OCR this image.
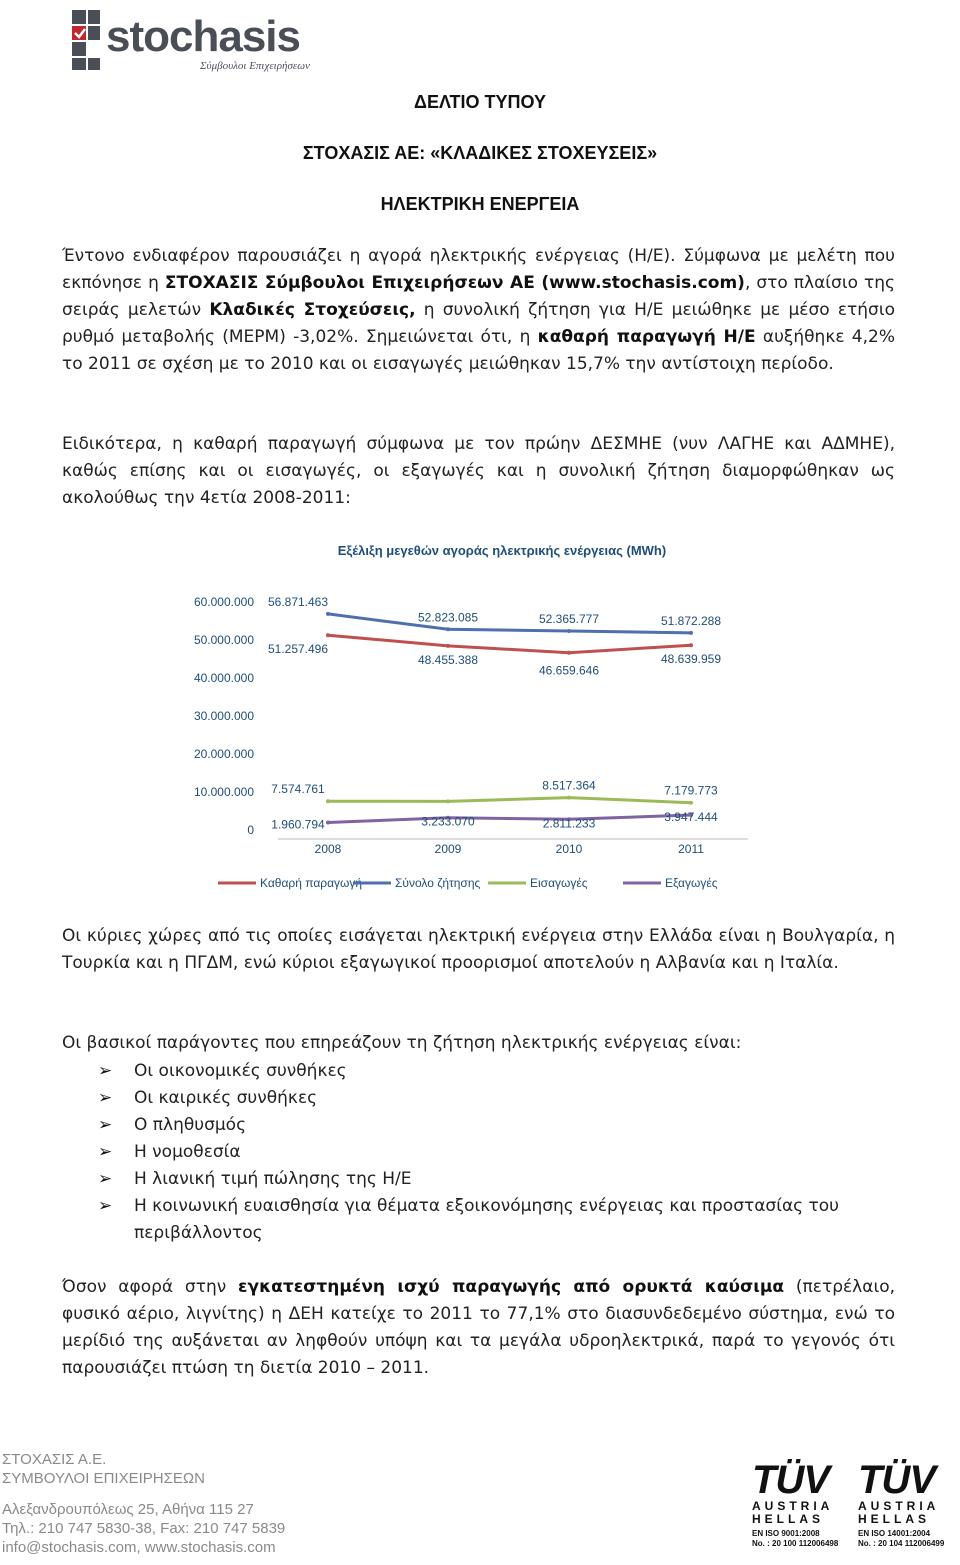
stochasis
Σύμβουλοι Επιχειρήσεων
ΔΕΛΤΙΟ ΤΥΠΟΥ
ΣΤΟΧΑΣΙΣ ΑΕ: «ΚΛΑΔΙΚΕΣ ΣΤΟΧΕΥΣΕΙΣ»
ΗΛΕΚΤΡΙΚΗ ΕΝΕΡΓΕΙΑ

Έντονο ενδιαφέρον παρουσιάζει η αγορά ηλεκτρικής ενέργειας (Η/Ε). Σύμφωνα με μελέτη που εκπόνησε η ΣΤΟΧΑΣΙΣ Σύμβουλοι Επιχειρήσεων ΑΕ (www.stochasis.com), στο πλαίσιο της σειράς μελετών Κλαδικές Στοχεύσεις, η συνολική ζήτηση για Η/Ε μειώθηκε με μέσο ετήσιο ρυθμό μεταβολής (ΜΕΡΜ) -3,02%. Σημειώνεται ότι, η καθαρή παραγωγή Η/Ε αυξήθηκε 4,2% το 2011 σε σχέση με το 2010 και οι εισαγωγές μειώθηκαν 15,7% την αντίστοιχη περίοδο.

Ειδικότερα, η καθαρή παραγωγή σύμφωνα με τον πρώην ΔΕΣΜΗΕ (νυν ΛΑΓΗΕ και ΑΔΜΗΕ), καθώς επίσης και οι εισαγωγές, οι εξαγωγές και η συνολική ζήτηση διαμορφώθηκαν ως ακολούθως την 4ετία 2008-2011:

Εξέλιξη μεγεθών αγοράς ηλεκτρικής ενέργειας (MWh)
0
10.000.000
20.000.000
30.000.000
40.000.000
50.000.000
60.000.000
2008	2009	2010	2011
51.257.496
48.455.388
46.659.646
48.639.959
56.871.463
52.823.085	52.365.777	51.872.288
7.574.761	8.517.364	7.179.773
1.960.794	3.233.070	2.811.233	3.947.444
Καθαρή παραγωγή	Σύνολο ζήτησης	Εισαγωγές	Εξαγωγές

Οι κύριες χώρες από τις οποίες εισάγεται ηλεκτρική ενέργεια στην Ελλάδα είναι η Βουλγαρία, η Τουρκία και η ΠΓΔΜ, ενώ κύριοι εξαγωγικοί προορισμοί αποτελούν η Αλβανία και η Ιταλία.

Οι βασικοί παράγοντες που επηρεάζουν τη ζήτηση ηλεκτρικής ενέργειας είναι:

➢ Οι οικονομικές συνθήκες
➢ Οι καιρικές συνθήκες
➢ Ο πληθυσμός
➢ Η νομοθεσία
➢ Η λιανική τιμή πώλησης της Η/Ε
➢ Η κοινωνική ευαισθησία για θέματα εξοικονόμησης ενέργειας και προστασίας του περιβάλλοντος

Όσον αφορά στην εγκατεστημένη ισχύ παραγωγής από ορυκτά καύσιμα (πετρέλαιο, φυσικό αέριο, λιγνίτης) η ΔΕΗ κατείχε το 2011 το 77,1% στο διασυνδεδεμένο σύστημα, ενώ το μερίδιό της αυξάνεται αν ληφθούν υπόψη και τα μεγάλα υδροηλεκτρικά, παρά το γεγονός ότι παρουσιάζει πτώση τη διετία 2010 – 2011.

ΣΤΟΧΑΣΙΣ Α.Ε.
ΣΥΜΒΟΥΛΟΙ ΕΠΙΧΕΙΡΗΣΕΩΝ
Αλεξανδρουπόλεως 25, Αθήνα 115 27
Τηλ.: 210 747 5830-38, Fax: 210 747 5839
info@stochasis.com, www.stochasis.com
TÜV
AUSTRIA HELLAS
EN ISO 9001:2008
No. : 20 100 112006498
TÜV
AUSTRIA HELLAS
EN ISO 14001:2004
No. : 20 104 112006499
